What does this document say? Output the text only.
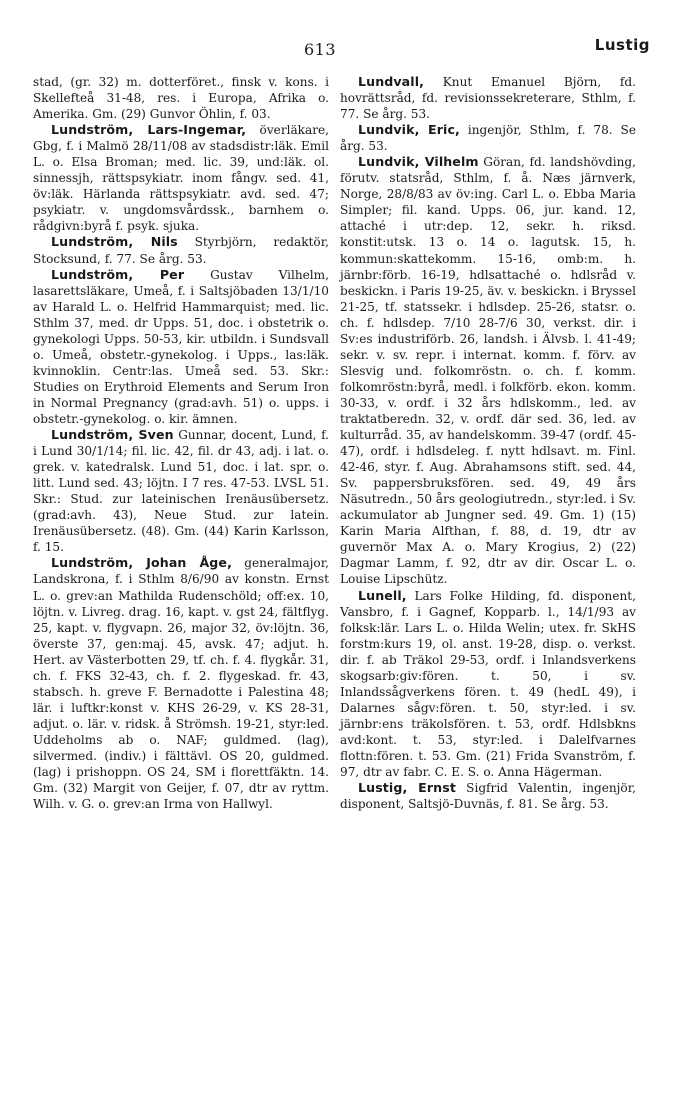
613	Lustig

stad, (gr. 32) m. dotterföret., finsk v. kons. i Skellefteå 31-48, res. i Europa, Afrika o. Amerika. Gm. (29) Gunvor Öhlin, f. 03.

Lundström, Lars-Ingemar, överläkare, Gbg, f. i Malmö 28/11/08 av stadsdistr:läk. Emil L. o. Elsa Broman; med. lic. 39, und:läk. ol. sinnessjh, rättspsykiatr. inom fångv. sed. 41, öv:läk. Härlanda rättspsykiatr. avd. sed. 47; psykiatr. v. ungdomsvårdssk., barnhem o. rådgivn:byrå f. psyk. sjuka.

Lundström, Nils Styrbjörn, redaktör, Stocksund, f. 77. Se årg. 53.

Lundström, Per Gustav Vilhelm, lasarettsläkare, Umeå, f. i Saltsjöbaden 13/1/10 av Harald L. o. Helfrid Hammarquist; med. lic. Sthlm 37, med. dr Upps. 51, doc. i obstetrik o. gynekologi Upps. 50-53, kir. utbildn. i Sundsvall o. Umeå, obstetr.-gynekolog. i Upps., las:läk. kvinnoklin. Centr:las. Umeå sed. 53. Skr.: Studies on Erythroid Elements and Serum Iron in Normal Pregnancy (grad:avh. 51) o. upps. i obstetr.-gynekolog. o. kir. ämnen.

Lundström, Sven Gunnar, docent, Lund, f. i Lund 30/1/14; fil. lic. 42, fil. dr 43, adj. i lat. o. grek. v. katedralsk. Lund 51, doc. i lat. spr. o. litt. Lund sed. 43; löjtn. I 7 res. 47-53. LVSL 51. Skr.: Stud. zur lateinischen Irenäusübersetz. (grad:avh. 43), Neue Stud. zur latein. Irenäusübersetz. (48). Gm. (44) Karin Karlsson, f. 15.

Lundström, Johan Åge, generalmajor, Landskrona, f. i Sthlm 8/6/90 av konstn. Ernst L. o. grev:an Mathilda Rudenschöld; off:ex. 10, löjtn. v. Livreg. drag. 16, kapt. v. gst 24, fältflyg. 25, kapt. v. flygvapn. 26, major 32, öv:löjtn. 36, överste 37, gen:maj. 45, avsk. 47; adjut. h. Hert. av Västerbotten 29, tf. ch. f. 4. flygkår. 31, ch. f. FKS 32-43, ch. f. 2. flygeskad. fr. 43, stabsch. h. greve F. Bernadotte i Palestina 48; lär. i luftkr:konst v. KHS 26-29, v. KS 28-31, adjut. o. lär. v. ridsk. å Strömsh. 19-21, styr:led. Uddeholms ab o. NAF; guldmed. (lag), silvermed. (indiv.) i fälttävl. OS 20, guldmed. (lag) i prishoppn. OS 24, SM i florettfäktn. 14. Gm. (32) Margit von Geijer, f. 07, dtr av ryttm. Wilh. v. G. o. grev:an Irma von Hallwyl.

Lundvall, Knut Emanuel Björn, fd. hovrättsråd, fd. revisionssekreterare, Sthlm, f. 77. Se årg. 53.

Lundvik, Eric, ingenjör, Sthlm, f. 78. Se årg. 53.

Lundvik, Vilhelm Göran, fd. landshövding, förutv. statsråd, Sthlm, f. å. Næs järnverk, Norge, 28/8/83 av öv:ing. Carl L. o. Ebba Maria Simpler; fil. kand. Upps. 06, jur. kand. 12, attaché i utr:dep. 12, sekr. h. riksd. konstit:utsk. 13 o. 14 o. lagutsk. 15, h. kommun:skattekomm. 15-16, omb:m. h. järnbr:förb. 16-19, hdlsattaché o. hdlsråd v. beskickn. i Paris 19-25, äv. v. beskickn. i Bryssel 21-25, tf. statssekr. i hdlsdep. 25-26, statsr. o. ch. f. hdlsdep. 7/10 28-7/6 30, verkst. dir. i Sv:es industriförb. 26, landsh. i Älvsb. l. 41-49; sekr. v. sv. repr. i internat. komm. f. förv. av Slesvig und. folkomröstn. o. ch. f. komm. folkomröstn:byrå, medl. i folkförb. ekon. komm. 30-33, v. ordf. i 32 års hdlskomm., led. av traktatberedn. 32, v. ordf. där sed. 36, led. av kulturråd. 35, av handelskomm. 39-47 (ordf. 45-47), ordf. i hdlsdeleg. f. nytt hdlsavt. m. Finl. 42-46, styr. f. Aug. Abrahamsons stift. sed. 44, Sv. pappersbruksfören. sed. 49, 49 års Näsutredn., 50 års geologiutredn., styr:led. i Sv. ackumulator ab Jungner sed. 49. Gm. 1) (15) Karin Maria Alfthan, f. 88, d. 19, dtr av guvernör Max A. o. Mary Krogius, 2) (22) Dagmar Lamm, f. 92, dtr av dir. Oscar L. o. Louise Lipschütz.

Lunell, Lars Folke Hilding, fd. disponent, Vansbro, f. i Gagnef, Kopparb. l., 14/1/93 av folksk:lär. Lars L. o. Hilda Welin; utex. fr. SkHS forstm:kurs 19, ol. anst. 19-28, disp. o. verkst. dir. f. ab Träkol 29-53, ordf. i Inlandsverkens skogsarb:giv:fören. t. 50, i sv. Inlandssågverkens fören. t. 49 (hedL 49), i Dalarnes sågv:fören. t. 50, styr:led. i sv. järnbr:ens träkolsfören. t. 53, ordf. Hdlsbkns avd:kont. t. 53, styr:led. i Dalelfvarnes flottn:fören. t. 53. Gm. (21) Frida Svanström, f. 97, dtr av fabr. C. E. S. o. Anna Hägerman.

Lustig, Ernst Sigfrid Valentin, ingenjör, disponent, Saltsjö-Duvnäs, f. 81. Se årg. 53.
